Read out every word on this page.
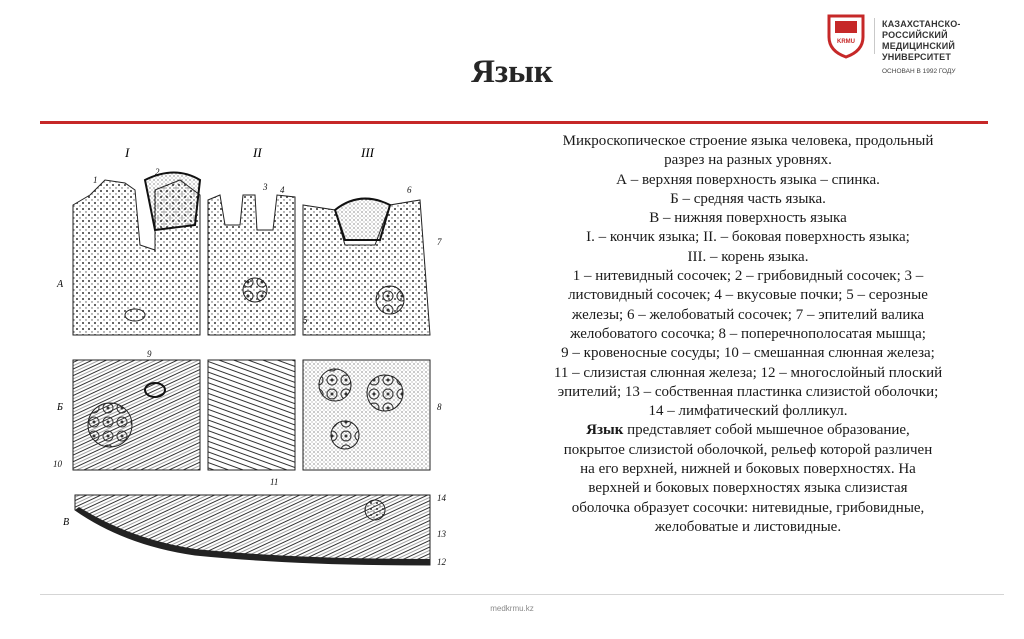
KRMU
КАЗАХСТАНСКО-РОССИЙСКИЙ
МЕДИЦИНСКИЙ УНИВЕРСИТЕТ
ОСНОВАН В 1992 ГОДУ
Язык
I	II	III
А
Б
В
1
2
3 4
5
6
7
8
9
10
11
12
13
14

Микроскопическое строение языка человека, продольный

разрез на разных уровнях.

А – верхняя поверхность языка – спинка.

Б – средняя часть языка.

В – нижняя поверхность языка

I. – кончик языка; II. – боковая поверхность языка;

III. – корень языка.

1 – нитевидный сосочек; 2 – грибовидный сосочек; 3 –

листовидный сосочек; 4 – вкусовые почки; 5 – серозные

железы; 6 – желобоватый сосочек; 7 – эпителий валика

желобоватого сосочка; 8 – поперечнополосатая мышца;

9 – кровеносные сосуды; 10 – смешанная слюнная железа;

11 – слизистая слюнная железа; 12 – многослойный плоский

эпителий; 13 – собственная пластинка слизистой оболочки;

14 – лимфатический фолликул.

Язык представляет собой мышечное образование,

покрытое слизистой оболочкой, рельеф которой различен

на его верхней, нижней и боковых поверхностях. На

верхней и боковых поверхностях языка слизистая

оболочка образует сосочки: нитевидные, грибовидные,

желобоватые и листовидные.

medkrmu.kz
